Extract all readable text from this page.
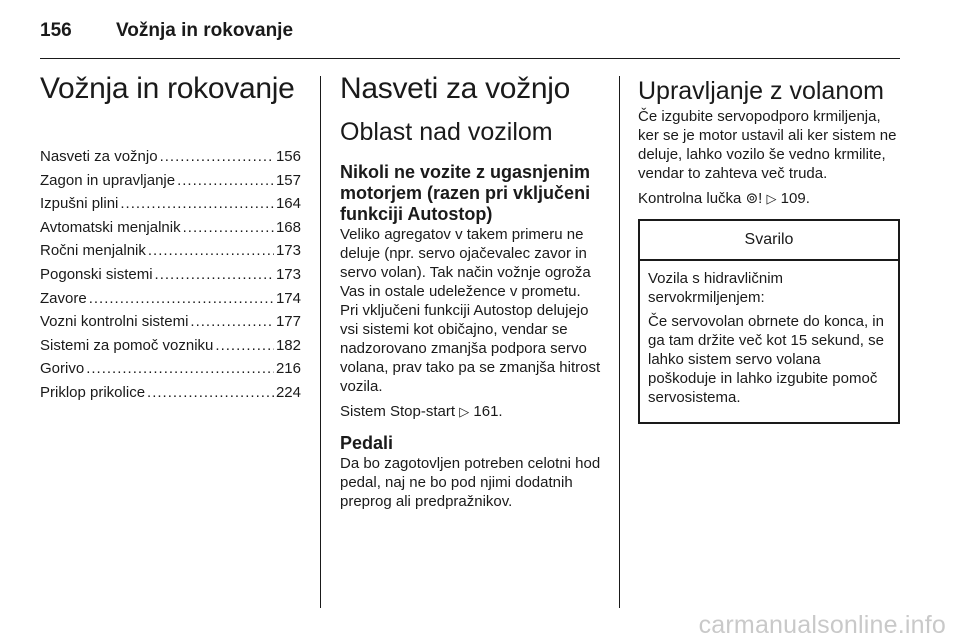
156 Vožnja in rokovanje
Vožnja in rokovanje
Nasveti za vožnjo .....	156
Zagon in upravljanje .....	157
Izpušni plini .....	164
Avtomatski menjalnik .....	168
Ročni menjalnik .....	173
Pogonski sistemi .....	173
Zavore .....	174
Vozni kontrolni sistemi .....	177
Sistemi za pomoč vozniku .....	182
Gorivo .....	216
Priklop prikolice .....	224
Nasveti za vožnjo
Oblast nad vozilom
Nikoli ne vozite z ugasnjenim motorjem (razen pri vključeni funkciji Autostop)

Veliko agregatov v takem primeru ne deluje (npr. servo ojačevalec zavor in servo volan). Tak način vožnje ogroža Vas in ostale udeležence v prometu. Pri vključeni funkciji Autostop delujejo vsi sistemi kot običajno, vendar se nadzorovano zmanjša podpora servo volana, prav tako pa se zmanjša hitrost vozila.

Sistem Stop-start ▷ 161.

Pedali

Da bo zagotovljen potreben celotni hod pedal, naj ne bo pod njimi dodatnih preprog ali predpražnikov.

Upravljanje z volanom

Če izgubite servopodporo krmiljenja, ker se je motor ustavil ali ker sistem ne deluje, lahko vozilo še vedno krmilite, vendar to zahteva več truda.

Kontrolna lučka ⊚! ▷ 109.

Svarilo

Vozila s hidravličnim servokrmiljenjem:

Če servovolan obrnete do konca, in ga tam držite več kot 15 sekund, se lahko sistem servo volana poškoduje in lahko izgubite pomoč servosistema.

carmanualsonline.info
